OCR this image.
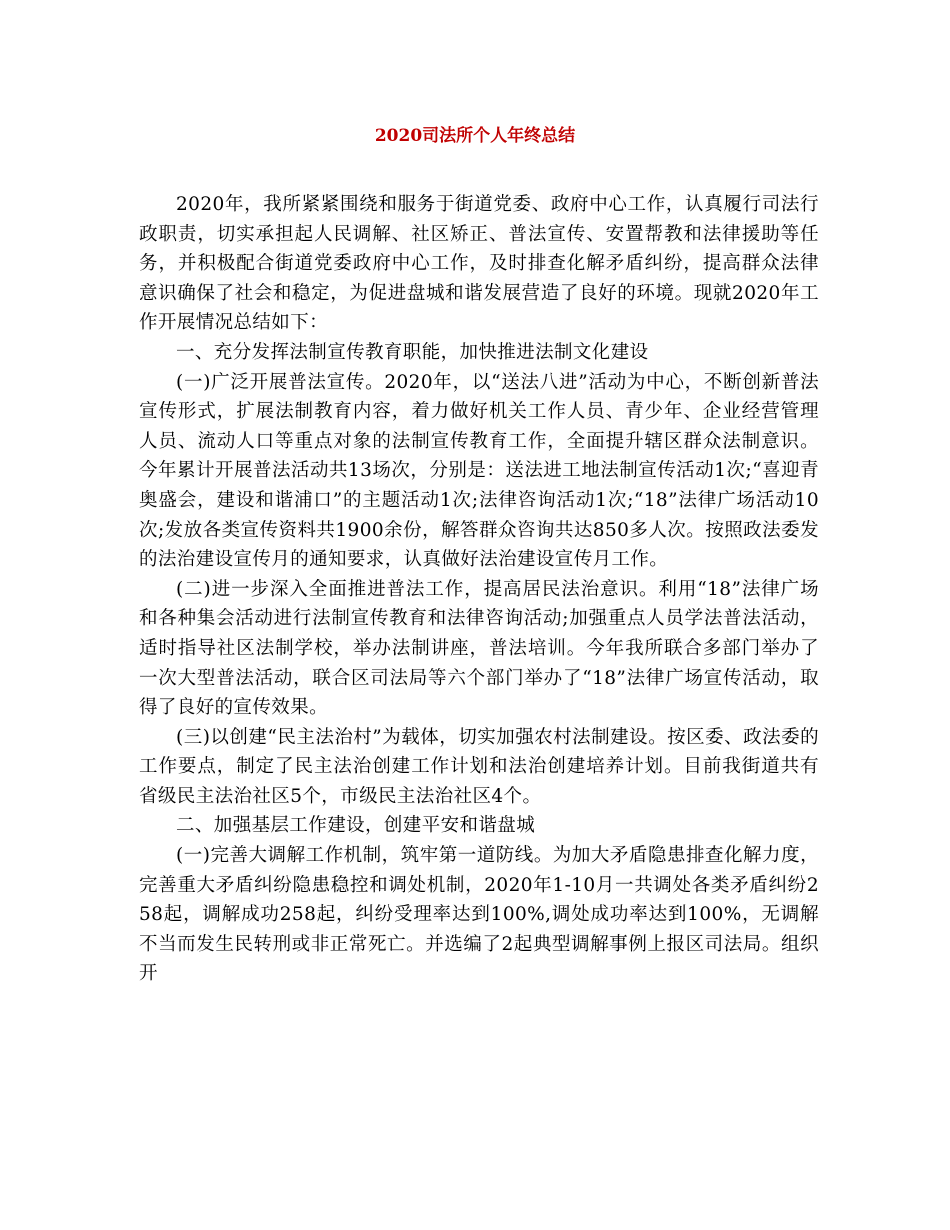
2020司法所个人年终总结

2020年，我所紧紧围绕和服务于街道党委、政府中心工作，认真履行司法行政职责，切实承担起人民调解、社区矫正、普法宣传、安置帮教和法律援助等任务，并积极配合街道党委政府中心工作，及时排查化解矛盾纠纷，提高群众法律意识确保了社会和稳定，为促进盘城和谐发展营造了良好的环境。现就2020年工作开展情况总结如下：

一、充分发挥法制宣传教育职能，加快推进法制文化建设

(一)广泛开展普法宣传。2020年，以“送法八进”活动为中心，不断创新普法宣传形式，扩展法制教育内容，着力做好机关工作人员、青少年、企业经营管理人员、流动人口等重点对象的法制宣传教育工作，全面提升辖区群众法制意识。今年累计开展普法活动共13场次，分别是：送法进工地法制宣传活动1次;“喜迎青奥盛会，建设和谐浦口”的主题活动1次;法律咨询活动1次;“18”法律广场活动10次;发放各类宣传资料共1900余份，解答群众咨询共达850多人次。按照政法委发的法治建设宣传月的通知要求，认真做好法治建设宣传月工作。

(二)进一步深入全面推进普法工作，提高居民法治意识。利用“18”法律广场和各种集会活动进行法制宣传教育和法律咨询活动;加强重点人员学法普法活动，适时指导社区法制学校，举办法制讲座，普法培训。今年我所联合多部门举办了一次大型普法活动，联合区司法局等六个部门举办了“18”法律广场宣传活动，取得了良好的宣传效果。

(三)以创建“民主法治村”为载体，切实加强农村法制建设。按区委、政法委的工作要点，制定了民主法治创建工作计划和法治创建培养计划。目前我街道共有省级民主法治社区5个，市级民主法治社区4个。

二、加强基层工作建设，创建平安和谐盘城

(一)完善大调解工作机制，筑牢第一道防线。为加大矛盾隐患排查化解力度，完善重大矛盾纠纷隐患稳控和调处机制，2020年1-10月一共调处各类矛盾纠纷258起，调解成功258起，纠纷受理率达到100%,调处成功率达到100%，无调解不当而发生民转刑或非正常死亡。并选编了2起典型调解事例上报区司法局。组织开
